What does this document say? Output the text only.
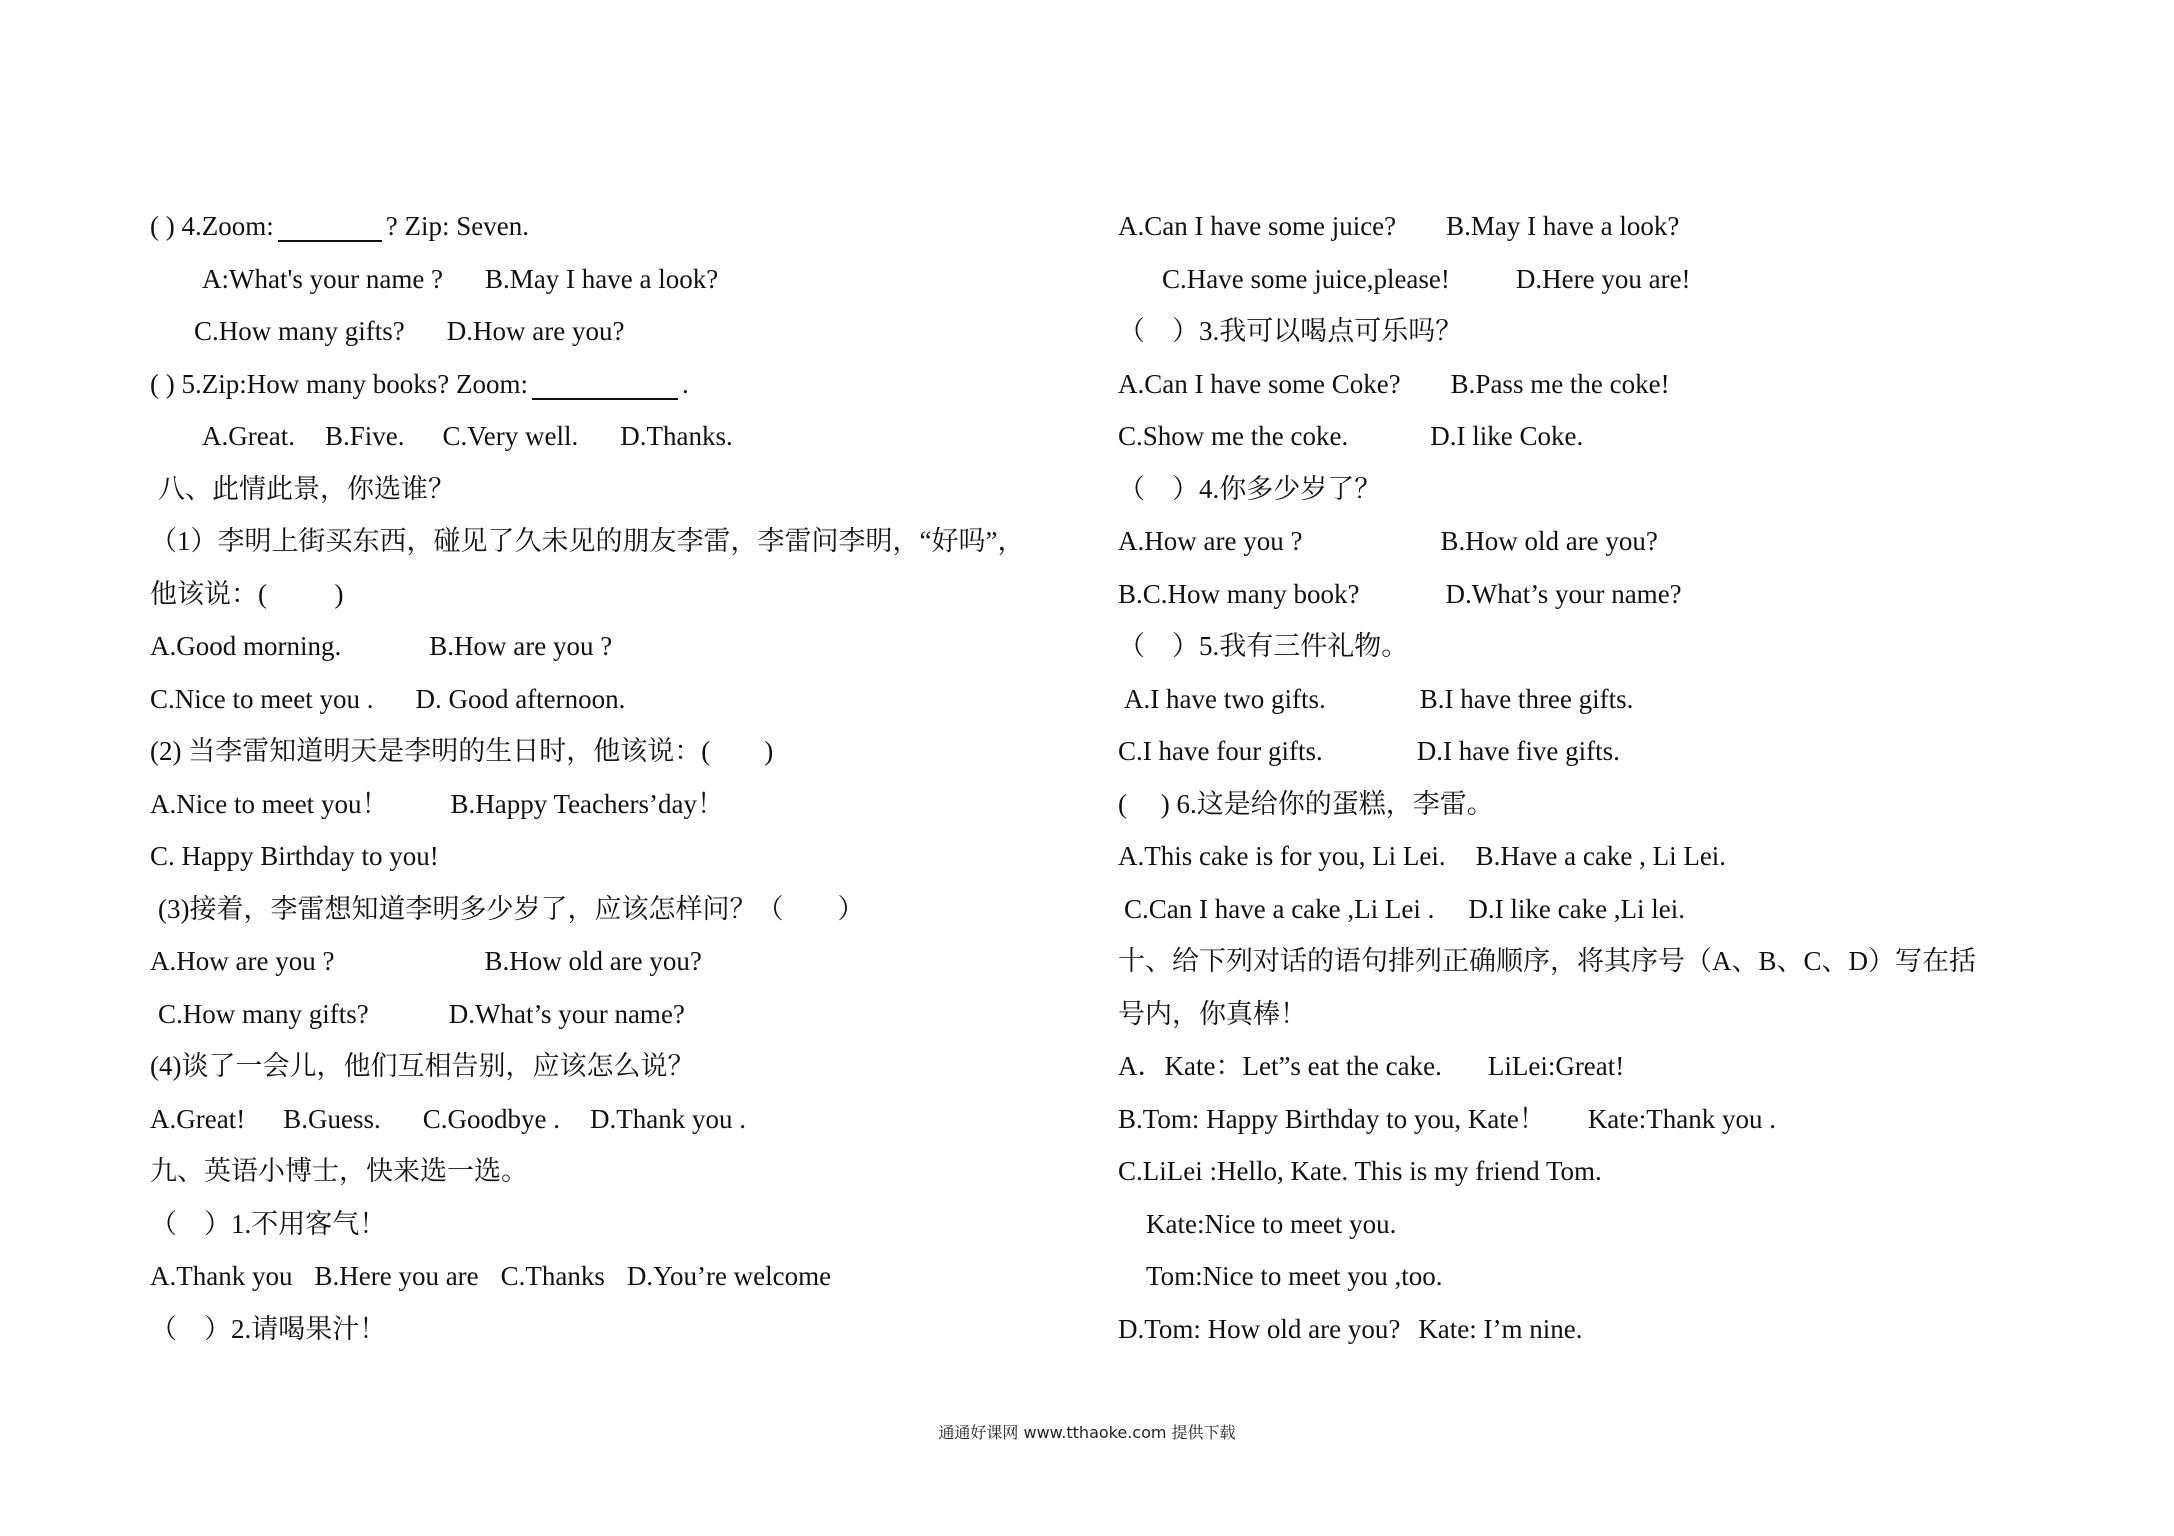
( ) 4.Zoom:	? Zip: Seven.
A:What's your name ? B.May I have a look?
C.How many gifts? D.How are you?
( ) 5.Zip:How many books? Zoom:	.
A.Great. B.Five. C.Very well. D.Thanks.
八、此情此景，你选谁？
（1）李明上街买东西，碰见了久未见的朋友李雷，李雷问李明，“好吗”，
他该说：(          )
A.Good morning.	B.How are you ?
C.Nice to meet you . D. Good afternoon.
(2) 当李雷知道明天是李明的生日时，他该说：(        )
A.Nice to meet you！ B.Happy Teachers’day！
C. Happy Birthday to you!
(3)接着，李雷想知道李明多少岁了，应该怎样问？（        ）
A.How are you ?	B.How old are you?
C.How many gifts?	D.What’s your name?
(4)谈了一会儿，他们互相告别，应该怎么说？
A.Great! B.Guess. C.Goodbye . D.Thank you .
九、英语小博士，快来选一选。
（    ）1.不用客气！
A.Thank you B.Here you are C.Thanks D.You’re welcome
（    ）2.请喝果汁！
A.Can I have some juice? B.May I have a look?
C.Have some juice,please! D.Here you are!
（    ）3.我可以喝点可乐吗？
A.Can I have some Coke? B.Pass me the coke!
C.Show me the coke.	D.I like Coke.
（    ）4.你多少岁了？
A.How are you ?	B.How old are you?
B.C.How many book?	D.What’s your name?
（    ）5.我有三件礼物。
A.I have two gifts.	B.I have three gifts.
C.I have four gifts.	D.I have five gifts.
(     ) 6.这是给你的蛋糕，李雷。
A.This cake is for you, Li Lei. B.Have a cake , Li Lei.
C.Can I have a cake ,Li Lei . D.I like cake ,Li lei.
十、给下列对话的语句排列正确顺序，将其序号（A、B、C、D）写在括
号内，你真棒！
A．Kate：Let”s eat the cake. LiLei:Great!
B.Tom: Happy Birthday to you, Kate！ Kate:Thank you .
C.LiLei :Hello, Kate. This is my friend Tom.
Kate:Nice to meet you.
Tom:Nice to meet you ,too.
D.Tom: How old are you? Kate: I’m nine.
通通好课网 www.tthaoke.com 提供下载
